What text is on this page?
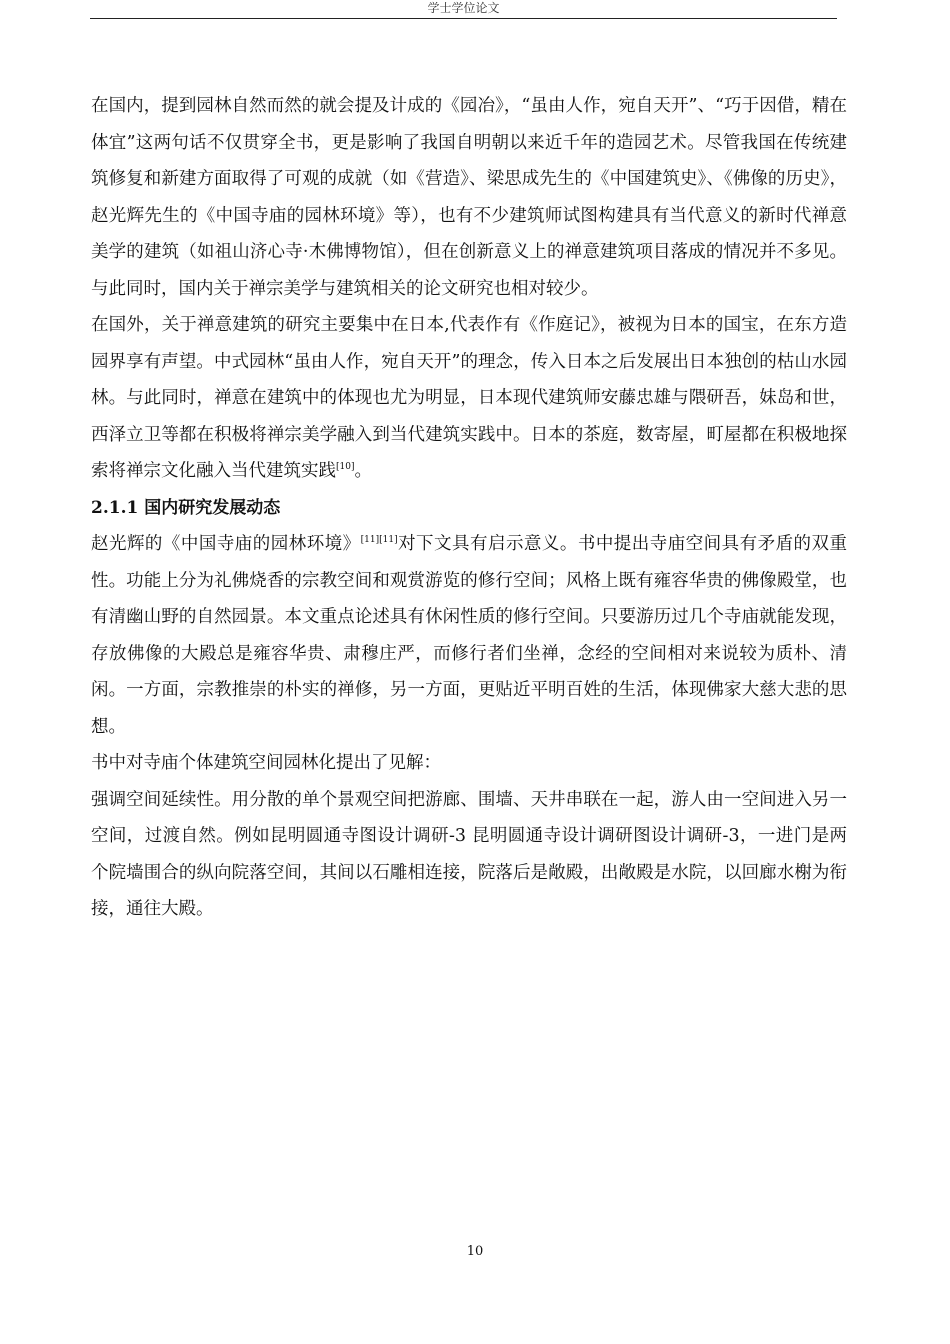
学士学位论文

在国内，提到园林自然而然的就会提及计成的《园冶》，“虽由人作，宛自天开”、“巧于因借，精在体宜”这两句话不仅贯穿全书，更是影响了我国自明朝以来近千年的造园艺术。尽管我国在传统建筑修复和新建方面取得了可观的成就（如《营造》、梁思成先生的《中国建筑史》、《佛像的历史》，赵光辉先生的《中国寺庙的园林环境》等），也有不少建筑师试图构建具有当代意义的新时代禅意美学的建筑（如祖山济心寺·木佛博物馆），但在创新意义上的禅意建筑项目落成的情况并不多见。与此同时，国内关于禅宗美学与建筑相关的论文研究也相对较少。

在国外，关于禅意建筑的研究主要集中在日本,代表作有《作庭记》，被视为日本的国宝，在东方造园界享有声望。中式园林“虽由人作，宛自天开”的理念，传入日本之后发展出日本独创的枯山水园林。与此同时，禅意在建筑中的体现也尤为明显，日本现代建筑师安藤忠雄与隈研吾，妹岛和世，西泽立卫等都在积极将禅宗美学融入到当代建筑实践中。日本的茶庭，数寄屋，町屋都在积极地探索将禅宗文化融入当代建筑实践[10]。

2.1.1 国内研究发展动态

赵光辉的《中国寺庙的园林环境》[11][11]对下文具有启示意义。书中提出寺庙空间具有矛盾的双重性。功能上分为礼佛烧香的宗教空间和观赏游览的修行空间；风格上既有雍容华贵的佛像殿堂，也有清幽山野的自然园景。本文重点论述具有休闲性质的修行空间。只要游历过几个寺庙就能发现，存放佛像的大殿总是雍容华贵、肃穆庄严，而修行者们坐禅，念经的空间相对来说较为质朴、清闲。一方面，宗教推崇的朴实的禅修，另一方面，更贴近平明百姓的生活，体现佛家大慈大悲的思想。

书中对寺庙个体建筑空间园林化提出了见解：

强调空间延续性。用分散的单个景观空间把游廊、围墙、天井串联在一起，游人由一空间进入另一空间，过渡自然。例如昆明圆通寺图设计调研-3 昆明圆通寺设计调研图设计调研-3，一进门是两个院墙围合的纵向院落空间，其间以石雕相连接，院落后是敞殿，出敞殿是水院，以回廊水榭为衔接，通往大殿。

10
